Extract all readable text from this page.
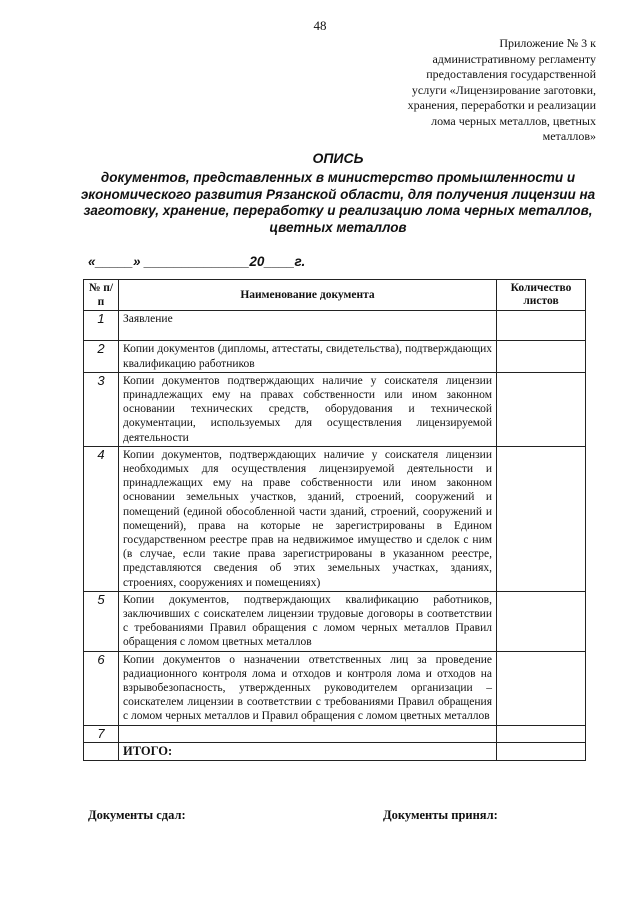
48
Приложение № 3 к
административному регламенту
предоставления государственной
услуги «Лицензирование заготовки,
хранения, переработки и реализации
лома черных металлов, цветных
металлов»
ОПИСЬ
документов, представленных в министерство промышленности и экономического развития Рязанской области, для получения лицензии на заготовку, хранение, переработку и реализацию лома черных металлов, цветных металлов
«_____» ______________20____г.
№ п/п	Наименование документа	Количество листов
1	Заявление	
2	Копии документов (дипломы, аттестаты, свидетельства), подтверждающих квалификацию работников	
3	Копии документов подтверждающих наличие у соискателя лицензии принадлежащих ему на правах собственности или ином законном основании технических средств, оборудования и технической документации, используемых для осуществления лицензируемой деятельности	
4	Копии документов, подтверждающих наличие у соискателя лицензии необходимых для осуществления лицензируемой деятельности и принадлежащих ему на праве собственности или ином законном основании земельных участков, зданий, строений, сооружений и помещений (единой обособленной части зданий, строений, сооружений и помещений), права на которые не зарегистрированы в Едином государственном реестре прав на недвижимое имущество и сделок с ним (в случае, если такие права зарегистрированы в указанном реестре, представляются сведения об этих земельных участках, зданиях, строениях, сооружениях и помещениях)	
5	Копии документов, подтверждающих квалификацию работников, заключивших с соискателем лицензии трудовые договоры в соответствии с требованиями Правил обращения с ломом черных металлов Правил обращения с ломом цветных металлов	
6	Копии документов о назначении ответственных лиц за проведение радиационного контроля лома и отходов и контроля лома и отходов на взрывобезопасность, утвержденных руководителем организации – соискателем лицензии в соответствии с требованиями Правил обращения с ломом черных металлов и Правил обращения с ломом цветных металлов	
7		
	ИТОГО:	
Документы сдал:	Документы принял:
